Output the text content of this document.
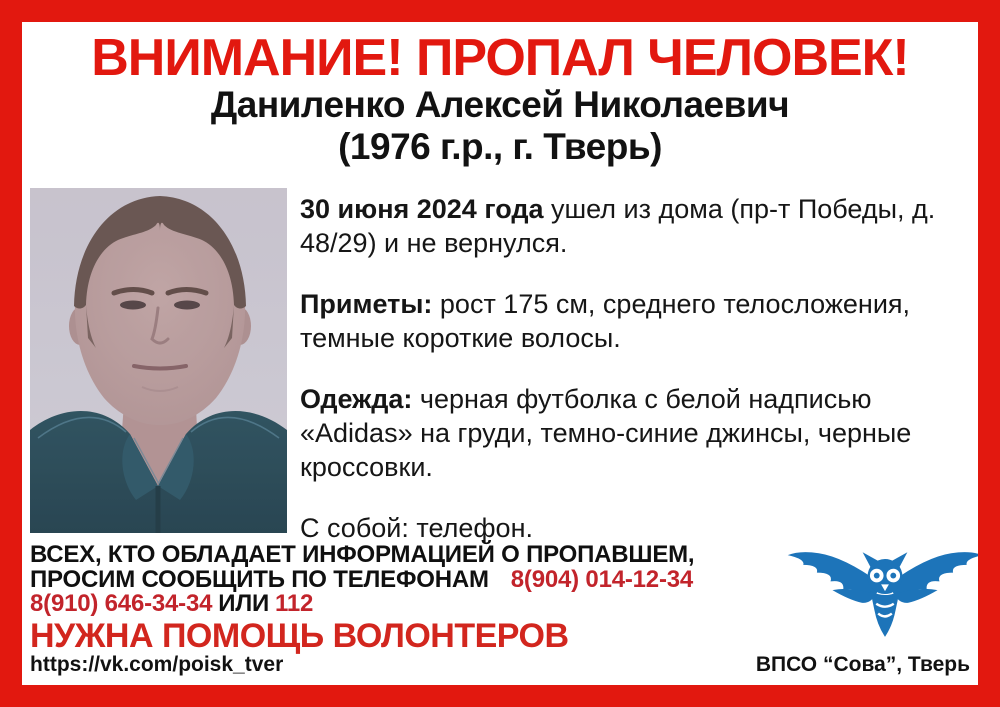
ВНИМАНИЕ! ПРОПАЛ ЧЕЛОВЕК!
Даниленко Алексей Николаевич
(1976 г.р., г. Тверь)

30 июня 2024 года ушел из дома (пр-т Победы, д. 48/29) и не вернулся.

Приметы: рост 175 см, среднего телосложения, темные короткие волосы.

Одежда: черная футболка с белой надписью «Adidas» на груди, темно-синие джинсы, черные кроссовки.

С собой: телефон.

ВСЕХ, КТО ОБЛАДАЕТ ИНФОРМАЦИЕЙ О ПРОПАВШЕМ,
ПРОСИМ СООБЩИТЬ ПО ТЕЛЕФОНАМ 8(904) 014-12-34
8(910) 646-34-34 ИЛИ 112
НУЖНА ПОМОЩЬ ВОЛОНТЕРОВ
https://vk.com/poisk_tver	ВПСО “Сова”, Тверь
